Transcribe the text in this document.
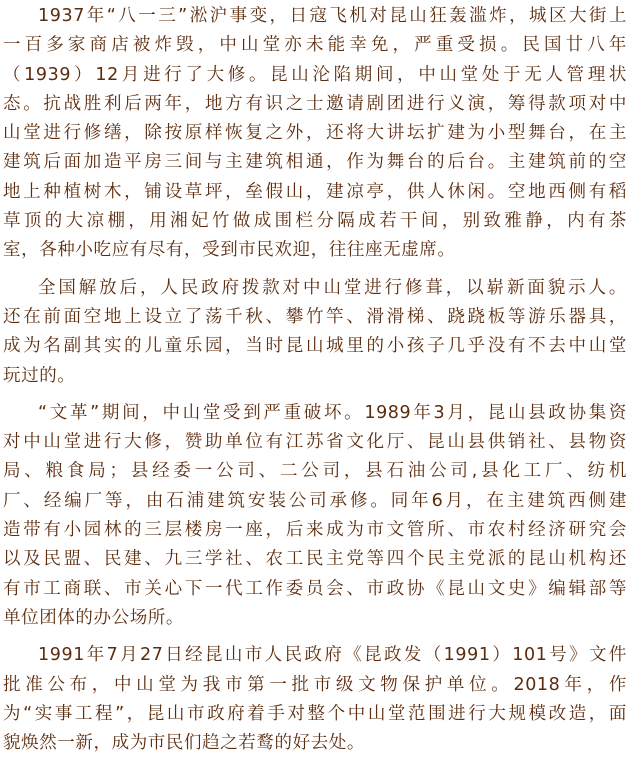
1937年“八一三”淞沪事变，日寇飞机对昆山狂轰滥炸，城区大街上
一百多家商店被炸毁，中山堂亦未能幸免，严重受损。民国廿八年
（1939）12月进行了大修。昆山沦陷期间，中山堂处于无人管理状
态。抗战胜利后两年，地方有识之士邀请剧团进行义演，筹得款项对中
山堂进行修缮，除按原样恢复之外，还将大讲坛扩建为小型舞台，在主
建筑后面加造平房三间与主建筑相通，作为舞台的后台。主建筑前的空
地上种植树木，铺设草坪，垒假山，建凉亭，供人休闲。空地西侧有稻
草顶的大凉棚，用湘妃竹做成围栏分隔成若干间，别致雅静，内有茶
室，各种小吃应有尽有，受到市民欢迎，往往座无虚席。
全国解放后，人民政府拨款对中山堂进行修葺，以崭新面貌示人。
还在前面空地上设立了荡千秋、攀竹竿、滑滑梯、跷跷板等游乐器具，
成为名副其实的儿童乐园，当时昆山城里的小孩子几乎没有不去中山堂
玩过的。
“文革”期间，中山堂受到严重破坏。1989年3月，昆山县政协集资
对中山堂进行大修，赞助单位有江苏省文化厅、昆山县供销社、县物资
局、粮食局；县经委一公司、二公司，县石油公司,县化工厂、纺机
厂、经编厂等，由石浦建筑安装公司承修。同年6月，在主建筑西侧建
造带有小园林的三层楼房一座，后来成为市文管所、市农村经济研究会
以及民盟、民建、九三学社、农工民主党等四个民主党派的昆山机构还
有市工商联、市关心下一代工作委员会、市政协《昆山文史》编辑部等
单位团体的办公场所。
1991年7月27日经昆山市人民政府《昆政发（1991）101号》文件
批准公布，中山堂为我市第一批市级文物保护单位。2018年，作
为“实事工程”，昆山市政府着手对整个中山堂范围进行大规模改造，面
貌焕然一新，成为市民们趋之若鹜的好去处。
